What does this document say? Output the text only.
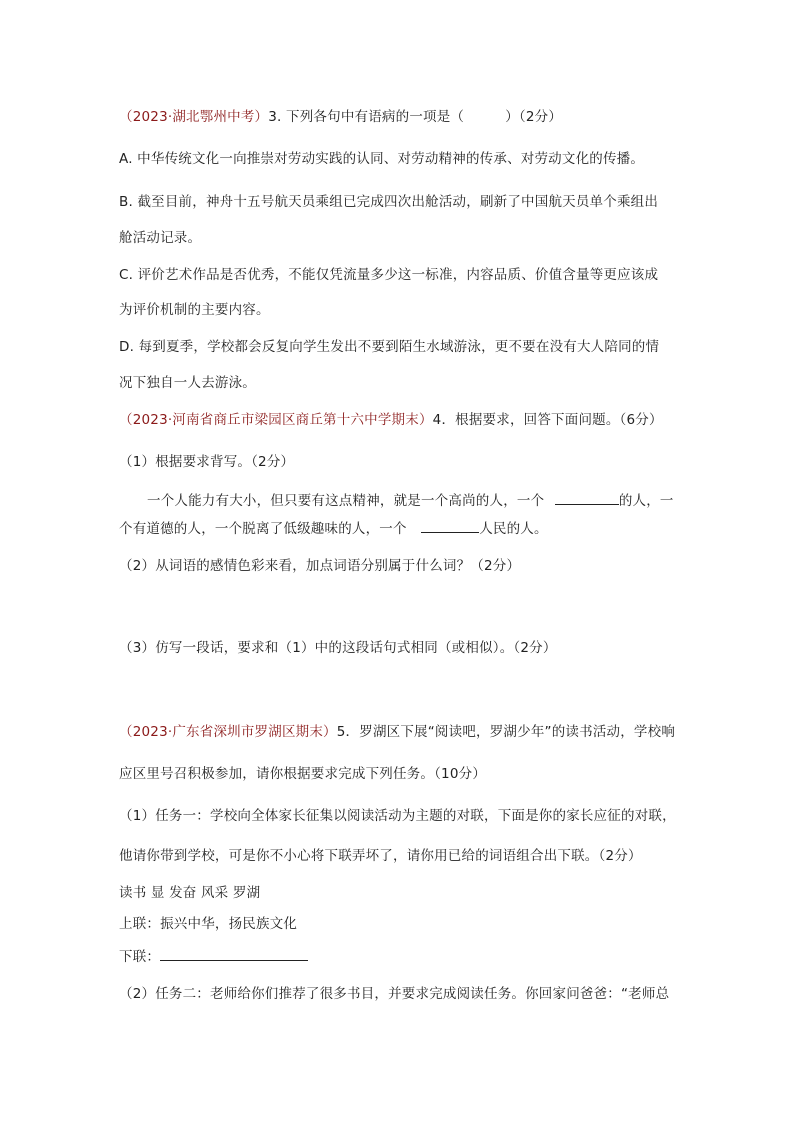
（2023·湖北鄂州中考）3. 下列各句中有语病的一项是（　　　）（2分）
A. 中华传统文化一向推崇对劳动实践的认同、对劳动精神的传承、对劳动文化的传播。
B. 截至目前，神舟十五号航天员乘组已完成四次出舱活动，刷新了中国航天员单个乘组出
舱活动记录。
C. 评价艺术作品是否优秀，不能仅凭流量多少这一标准，内容品质、价值含量等更应该成
为评价机制的主要内容。
D. 每到夏季，学校都会反复向学生发出不要到陌生水域游泳，更不要在没有大人陪同的情
况下独自一人去游泳。
（2023·河南省商丘市梁园区商丘第十六中学期末）4．根据要求，回答下面问题。（6分）
（1）根据要求背写。（2分）
一个人能力有大小，但只要有这点精神，就是一个高尚的人，一个	的人，一
个有道德的人，一个脱离了低级趣味的人，一个	人民的人。
（2）从词语的感情色彩来看，加点词语分别属于什么词？（2分）
（3）仿写一段话，要求和（1）中的这段话句式相同（或相似）。（2分）
（2023·广东省深圳市罗湖区期末）5．罗湖区下展“阅读吧，罗湖少年”的读书活动，学校响
应区里号召积极参加，请你根据要求完成下列任务。（10分）
（1）任务一：学校向全体家长征集以阅读活动为主题的对联，下面是你的家长应征的对联，
他请你带到学校，可是你不小心将下联弄坏了，请你用已给的词语组合出下联。（2分）
读书 显 发奋 风采 罗湖
上联：振兴中华，扬民族文化
下联：
（2）任务二：老师给你们推荐了很多书目，并要求完成阅读任务。你回家问爸爸：“老师总
